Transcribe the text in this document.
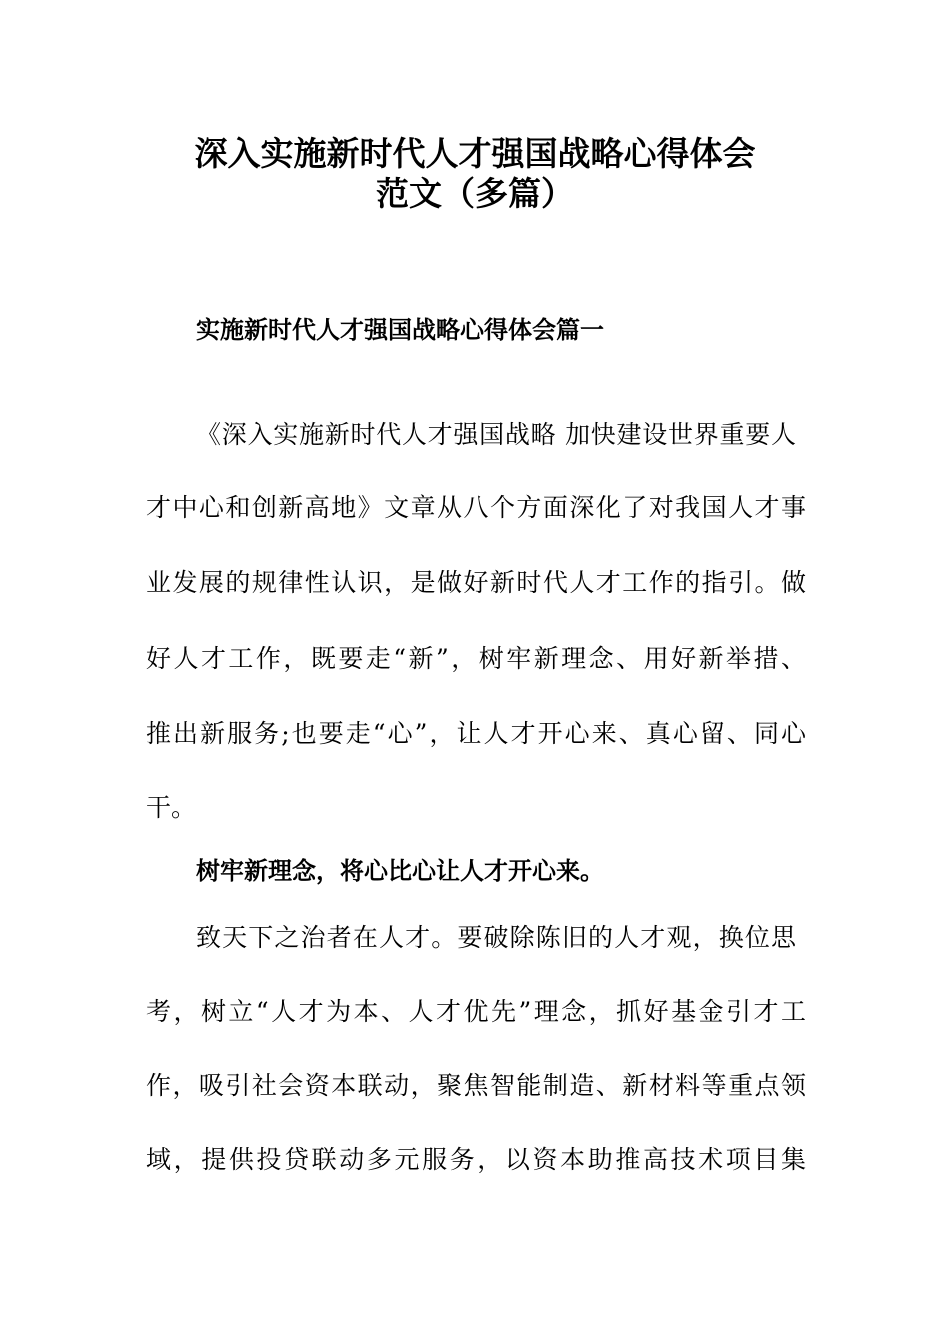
深入实施新时代人才强国战略心得体会
范文（多篇）
实施新时代人才强国战略心得体会篇一
《深入实施新时代人才强国战略 加快建设世界重要人
才中心和创新高地》文章从八个方面深化了对我国人才事
业发展的规律性认识，是做好新时代人才工作的指引。做
好人才工作，既要走“新”，树牢新理念、用好新举措、
推出新服务;也要走“心”，让人才开心来、真心留、同心
干。
树牢新理念，将心比心让人才开心来。
致天下之治者在人才。要破除陈旧的人才观，换位思
考，树立“人才为本、人才优先”理念，抓好基金引才工
作，吸引社会资本联动，聚焦智能制造、新材料等重点领
域，提供投贷联动多元服务，以资本助推高技术项目集
